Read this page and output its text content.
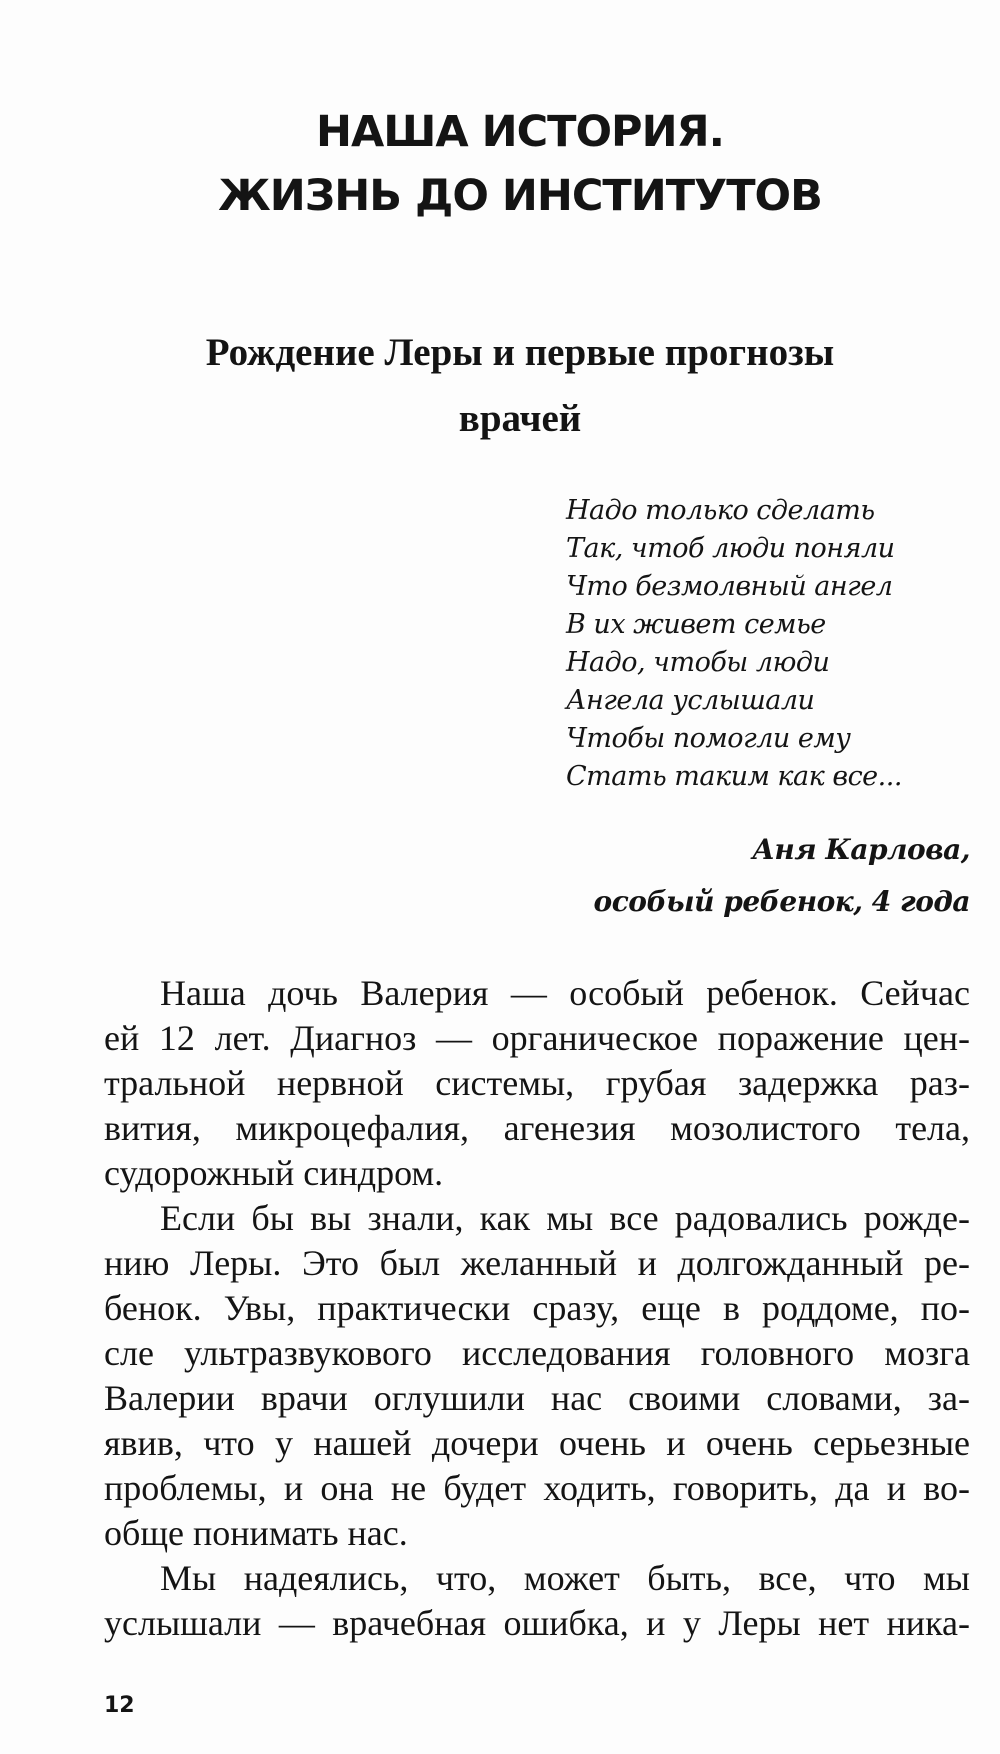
НАША ИСТОРИЯ.
ЖИЗНЬ ДО ИНСТИТУТОВ
Рождение Леры и первые прогнозы
врачей
Надо только сделать
Так, чтоб люди поняли
Что безмолвный ангел
В их живет семье
Надо, чтобы люди
Ангела услышали
Чтобы помогли ему
Стать таким как все...
Аня Карлова,
особый ребенок, 4 года
Наша дочь Валерия — особый ребенок. Сейчас
ей 12 лет. Диагноз — органическое поражение цен-
тральной нервной системы, грубая задержка раз-
вития, микроцефалия, агенезия мозолистого тела,
судорожный синдром.
Если бы вы знали, как мы все радовались рожде-
нию Леры. Это был желанный и долгожданный ре-
бенок. Увы, практически сразу, еще в роддоме, по-
сле ультразвукового исследования головного мозга
Валерии врачи оглушили нас своими словами, за-
явив, что у нашей дочери очень и очень серьезные
проблемы, и она не будет ходить, говорить, да и во-
обще понимать нас.
Мы надеялись, что, может быть, все, что мы
услышали — врачебная ошибка, и у Леры нет ника-
12
